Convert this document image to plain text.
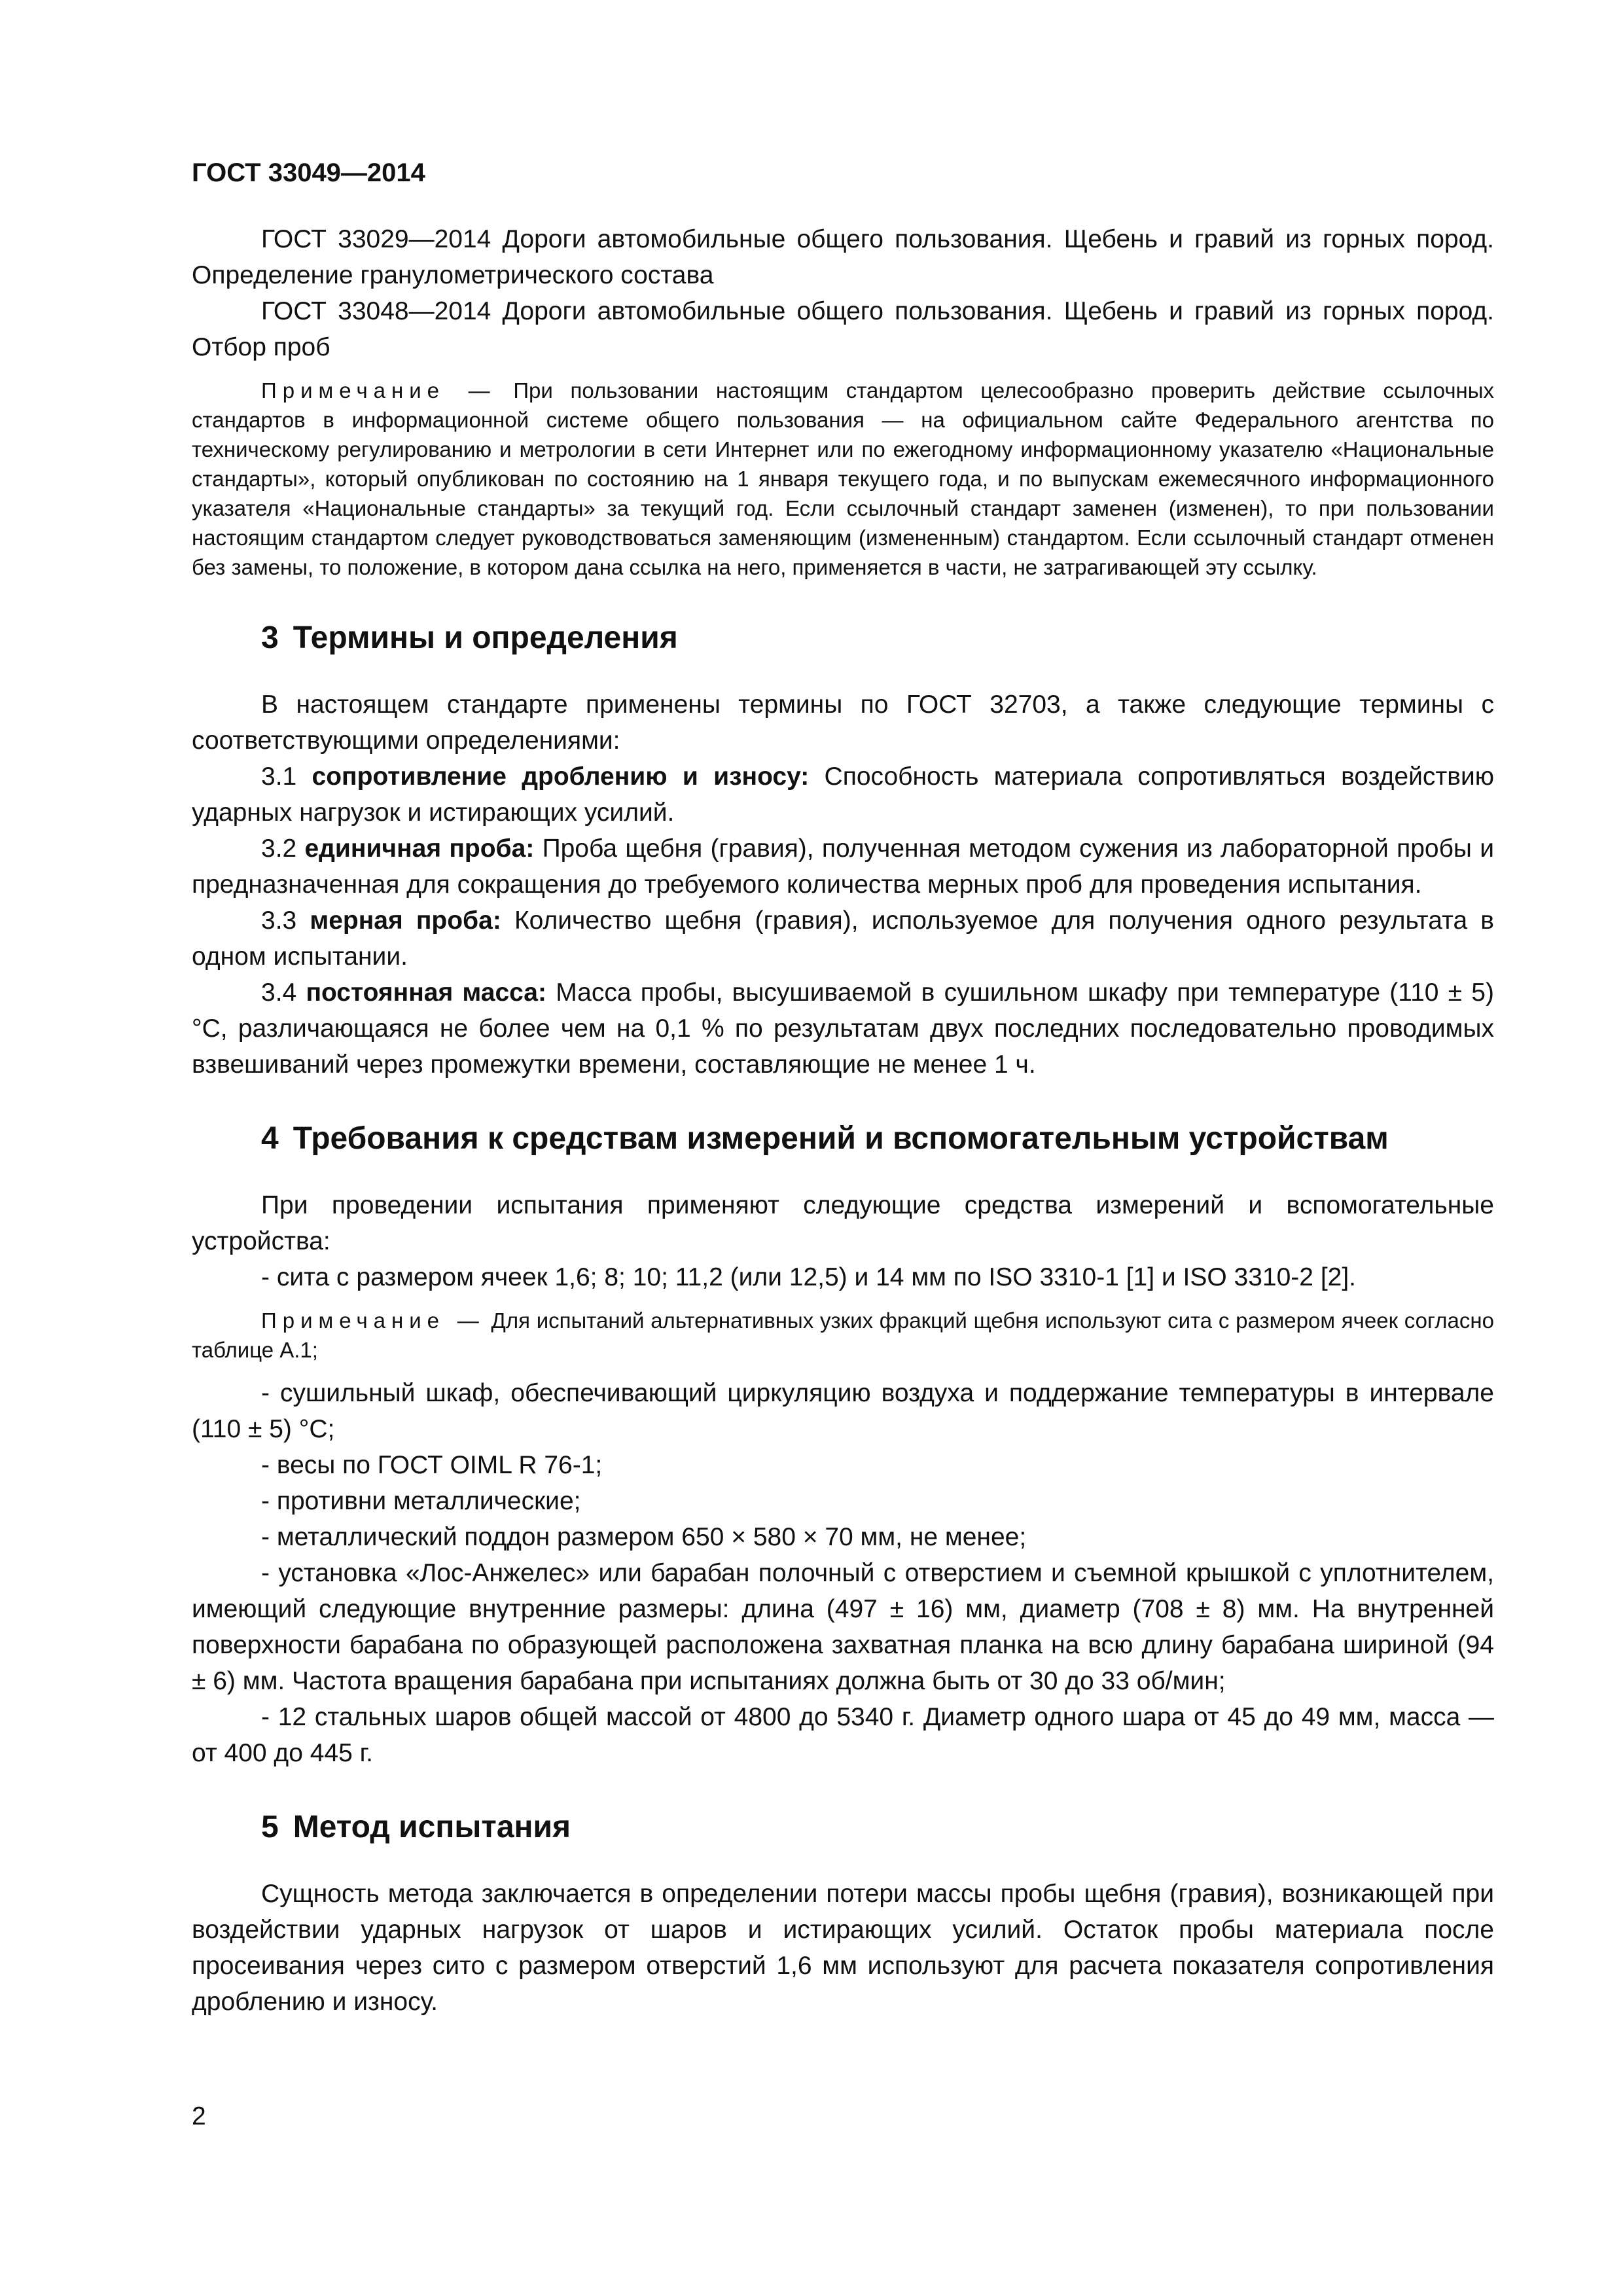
ГОСТ 33049—2014

ГОСТ 33029—2014 Дороги автомобильные общего пользования. Щебень и гравий из горных пород. Определение гранулометрического состава

ГОСТ 33048—2014 Дороги автомобильные общего пользования. Щебень и гравий из горных пород. Отбор проб

Примечание — При пользовании настоящим стандартом целесообразно проверить действие ссылочных стандартов в информационной системе общего пользования — на официальном сайте Федерального агентства по техническому регулированию и метрологии в сети Интернет или по ежегодному информационному указателю «Национальные стандарты», который опубликован по состоянию на 1 января текущего года, и по выпускам ежемесячного информационного указателя «Национальные стандарты» за текущий год. Если ссылочный стандарт заменен (изменен), то при пользовании настоящим стандартом следует руководствоваться заменяющим (измененным) стандартом. Если ссылочный стандарт отменен без замены, то положение, в котором дана ссылка на него, применяется в части, не затрагивающей эту ссылку.

3 Термины и определения

В настоящем стандарте применены термины по ГОСТ 32703, а также следующие термины с соответствующими определениями:

3.1 сопротивление дроблению и износу: Способность материала сопротивляться воздействию ударных нагрузок и истирающих усилий.

3.2 единичная проба: Проба щебня (гравия), полученная методом сужения из лабораторной пробы и предназначенная для сокращения до требуемого количества мерных проб для проведения испытания.

3.3 мерная проба: Количество щебня (гравия), используемое для получения одного результата в одном испытании.

3.4 постоянная масса: Масса пробы, высушиваемой в сушильном шкафу при температуре (110 ± 5) °С, различающаяся не более чем на 0,1 % по результатам двух последних последовательно проводимых взвешиваний через промежутки времени, составляющие не менее 1 ч.

4 Требования к средствам измерений и вспомогательным устройствам

При проведении испытания применяют следующие средства измерений и вспомогательные устройства:

- сита с размером ячеек 1,6; 8; 10; 11,2 (или 12,5) и 14 мм по ISO 3310-1 [1] и ISO 3310-2 [2].

Примечание — Для испытаний альтернативных узких фракций щебня используют сита с размером ячеек согласно таблице А.1;

- сушильный шкаф, обеспечивающий циркуляцию воздуха и поддержание температуры в интервале (110 ± 5) °С;

- весы по ГОСТ OIML R 76-1;

- противни металлические;

- металлический поддон размером 650 × 580 × 70 мм, не менее;

- установка «Лос-Анжелес» или барабан полочный с отверстием и съемной крышкой с уплотнителем, имеющий следующие внутренние размеры: длина (497 ± 16) мм, диаметр (708 ± 8) мм. На внутренней поверхности барабана по образующей расположена захватная планка на всю длину барабана шириной (94 ± 6) мм. Частота вращения барабана при испытаниях должна быть от 30 до 33 об/мин;

- 12 стальных шаров общей массой от 4800 до 5340 г. Диаметр одного шара от 45 до 49 мм, масса — от 400 до 445 г.

5 Метод испытания

Сущность метода заключается в определении потери массы пробы щебня (гравия), возникающей при воздействии ударных нагрузок от шаров и истирающих усилий. Остаток пробы материала после просеивания через сито с размером отверстий 1,6 мм используют для расчета показателя сопротивления дроблению и износу.

2
